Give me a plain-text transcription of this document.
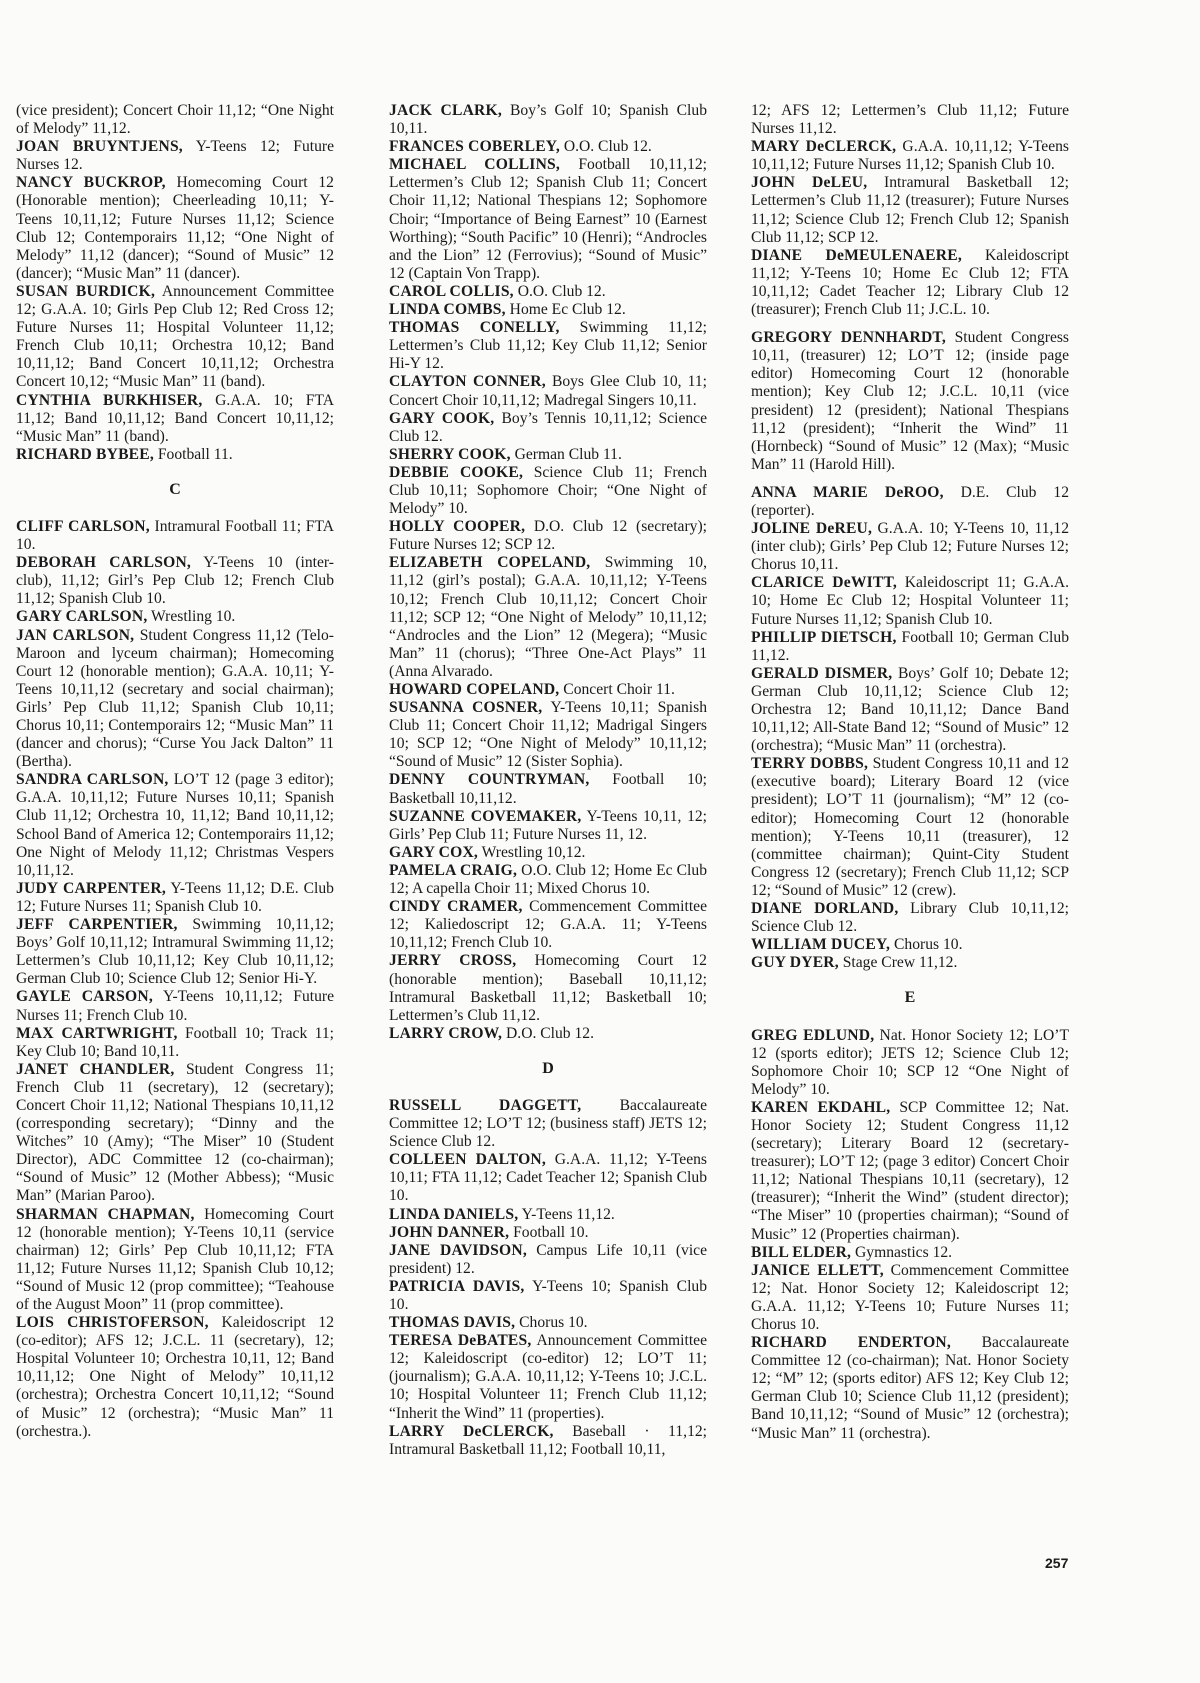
(vice president); Concert Choir 11,12; “One Night of Melody” 11,12.

JOAN BRUYNTJENS, Y-Teens 12; Future Nurses 12.

NANCY BUCKROP, Homecoming Court 12 (Honorable mention); Cheerleading 10,11; Y-Teens 10,11,12; Future Nurses 11,12; Science Club 12; Contemporairs 11,12; “One Night of Melody” 11,12 (dancer); “Sound of Music” 12 (dancer); “Music Man” 11 (dancer).

SUSAN BURDICK, Announcement Committee 12; G.A.A. 10; Girls Pep Club 12; Red Cross 12; Future Nurses 11; Hospital Volunteer 11,12; French Club 10,11; Orchestra 10,12; Band 10,11,12; Band Concert 10,11,12; Orchestra Concert 10,12; “Music Man” 11 (band).

CYNTHIA BURKHISER, G.A.A. 10; FTA 11,12; Band 10,11,12; Band Concert 10,11,12; “Music Man” 11 (band).

RICHARD BYBEE, Football 11.

C

CLIFF CARLSON, Intramural Football 11; FTA 10.

DEBORAH CARLSON, Y-Teens 10 (inter-club), 11,12; Girl’s Pep Club 12; French Club 11,12; Spanish Club 10.

GARY CARLSON, Wrestling 10.

JAN CARLSON, Student Congress 11,12 (Telo-Maroon and lyceum chairman); Homecoming Court 12 (honorable mention); G.A.A. 10,11; Y-Teens 10,11,12 (secretary and social chairman); Girls’ Pep Club 11,12; Spanish Club 10,11; Chorus 10,11; Contemporairs 12; “Music Man” 11 (dancer and chorus); “Curse You Jack Dalton” 11 (Bertha).

SANDRA CARLSON, LO’T 12 (page 3 editor); G.A.A. 10,11,12; Future Nurses 10,11; Spanish Club 11,12; Orchestra 10, 11,12; Band 10,11,12; School Band of America 12; Contemporairs 11,12; One Night of Melody 11,12; Christmas Vespers 10,11,12.

JUDY CARPENTER, Y-Teens 11,12; D.E. Club 12; Future Nurses 11; Spanish Club 10.

JEFF CARPENTIER, Swimming 10,11,12; Boys’ Golf 10,11,12; Intramural Swimming 11,12; Lettermen’s Club 10,11,12; Key Club 10,11,12; German Club 10; Science Club 12; Senior Hi-Y.

GAYLE CARSON, Y-Teens 10,11,12; Future Nurses 11; French Club 10.

MAX CARTWRIGHT, Football 10; Track 11; Key Club 10; Band 10,11.

JANET CHANDLER, Student Congress 11; French Club 11 (secretary), 12 (secretary); Concert Choir 11,12; National Thespians 10,11,12 (corresponding secretary); “Dinny and the Witches” 10 (Amy); “The Miser” 10 (Student Director), ADC Committee 12 (co-chairman); “Sound of Music” 12 (Mother Abbess); “Music Man” (Marian Paroo).

SHARMAN CHAPMAN, Homecoming Court 12 (honorable mention); Y-Teens 10,11 (service chairman) 12; Girls’ Pep Club 10,11,12; FTA 11,12; Future Nurses 11,12; Spanish Club 10,12; “Sound of Music 12 (prop committee); “Teahouse of the August Moon” 11 (prop committee).

LOIS CHRISTOFERSON, Kaleidoscript 12 (co-editor); AFS 12; J.C.L. 11 (secretary), 12; Hospital Volunteer 10; Orchestra 10,11, 12; Band 10,11,12; One Night of Melody” 10,11,12 (orchestra); Orchestra Concert 10,11,12; “Sound of Music” 12 (orchestra); “Music Man” 11 (orchestra.).

JACK CLARK, Boy’s Golf 10; Spanish Club 10,11.

FRANCES COBERLEY, O.O. Club 12.

MICHAEL COLLINS, Football 10,11,12; Lettermen’s Club 12; Spanish Club 11; Concert Choir 11,12; National Thespians 12; Sophomore Choir; “Importance of Being Earnest” 10 (Earnest Worthing); “South Pacific” 10 (Henri); “Androcles and the Lion” 12 (Ferrovius); “Sound of Music” 12 (Captain Von Trapp).

CAROL COLLIS, O.O. Club 12.

LINDA COMBS, Home Ec Club 12.

THOMAS CONELLY, Swimming 11,12; Lettermen’s Club 11,12; Key Club 11,12; Senior Hi-Y 12.

CLAYTON CONNER, Boys Glee Club 10, 11; Concert Choir 10,11,12; Madregal Singers 10,11.

GARY COOK, Boy’s Tennis 10,11,12; Science Club 12.

SHERRY COOK, German Club 11.

DEBBIE COOKE, Science Club 11; French Club 10,11; Sophomore Choir; “One Night of Melody” 10.

HOLLY COOPER, D.O. Club 12 (secretary); Future Nurses 12; SCP 12.

ELIZABETH COPELAND, Swimming 10, 11,12 (girl’s postal); G.A.A. 10,11,12; Y-Teens 10,12; French Club 10,11,12; Concert Choir 11,12; SCP 12; “One Night of Melody” 10,11,12; “Androcles and the Lion” 12 (Megera); “Music Man” 11 (chorus); “Three One-Act Plays” 11 (Anna Alvarado.

HOWARD COPELAND, Concert Choir 11.

SUSANNA COSNER, Y-Teens 10,11; Spanish Club 11; Concert Choir 11,12; Madrigal Singers 10; SCP 12; “One Night of Melody” 10,11,12; “Sound of Music” 12 (Sister Sophia).

DENNY COUNTRYMAN, Football 10; Basketball 10,11,12.

SUZANNE COVEMAKER, Y-Teens 10,11, 12; Girls’ Pep Club 11; Future Nurses 11, 12.

GARY COX, Wrestling 10,12.

PAMELA CRAIG, O.O. Club 12; Home Ec Club 12; A capella Choir 11; Mixed Chorus 10.

CINDY CRAMER, Commencement Committee 12; Kaliedoscript 12; G.A.A. 11; Y-Teens 10,11,12; French Club 10.

JERRY CROSS, Homecoming Court 12 (honorable mention); Baseball 10,11,12; Intramural Basketball 11,12; Basketball 10; Lettermen’s Club 11,12.

LARRY CROW, D.O. Club 12.

D

RUSSELL DAGGETT, Baccalaureate Committee 12; LO’T 12; (business staff) JETS 12; Science Club 12.

COLLEEN DALTON, G.A.A. 11,12; Y-Teens 10,11; FTA 11,12; Cadet Teacher 12; Spanish Club 10.

LINDA DANIELS, Y-Teens 11,12.

JOHN DANNER, Football 10.

JANE DAVIDSON, Campus Life 10,11 (vice president) 12.

PATRICIA DAVIS, Y-Teens 10; Spanish Club 10.

THOMAS DAVIS, Chorus 10.

TERESA DeBATES, Announcement Committee 12; Kaleidoscript (co-editor) 12; LO’T 11; (journalism); G.A.A. 10,11,12; Y-Teens 10; J.C.L. 10; Hospital Volunteer 11; French Club 11,12; “Inherit the Wind” 11 (properties).

LARRY DeCLERCK, Baseball · 11,12; Intramural Basketball 11,12; Football 10,11,

12; AFS 12; Lettermen’s Club 11,12; Future Nurses 11,12.

MARY DeCLERCK, G.A.A. 10,11,12; Y-Teens 10,11,12; Future Nurses 11,12; Spanish Club 10.

JOHN DeLEU, Intramural Basketball 12; Lettermen’s Club 11,12 (treasurer); Future Nurses 11,12; Science Club 12; French Club 12; Spanish Club 11,12; SCP 12.

DIANE DeMEULENAERE, Kaleidoscript 11,12; Y-Teens 10; Home Ec Club 12; FTA 10,11,12; Cadet Teacher 12; Library Club 12 (treasurer); French Club 11; J.C.L. 10.

GREGORY DENNHARDT, Student Congress 10,11, (treasurer) 12; LO’T 12; (inside page editor) Homecoming Court 12 (honorable mention); Key Club 12; J.C.L. 10,11 (vice president) 12 (president); National Thespians 11,12 (president); “Inherit the Wind” 11 (Hornbeck) “Sound of Music” 12 (Max); “Music Man” 11 (Harold Hill).

ANNA MARIE DeROO, D.E. Club 12 (reporter).

JOLINE DeREU, G.A.A. 10; Y-Teens 10, 11,12 (inter club); Girls’ Pep Club 12; Future Nurses 12; Chorus 10,11.

CLARICE DeWITT, Kaleidoscript 11; G.A.A. 10; Home Ec Club 12; Hospital Volunteer 11; Future Nurses 11,12; Spanish Club 10.

PHILLIP DIETSCH, Football 10; German Club 11,12.

GERALD DISMER, Boys’ Golf 10; Debate 12; German Club 10,11,12; Science Club 12; Orchestra 12; Band 10,11,12; Dance Band 10,11,12; All-State Band 12; “Sound of Music” 12 (orchestra); “Music Man” 11 (orchestra).

TERRY DOBBS, Student Congress 10,11 and 12 (executive board); Literary Board 12 (vice president); LO’T 11 (journalism); “M” 12 (co-editor); Homecoming Court 12 (honorable mention); Y-Teens 10,11 (treasurer), 12 (committee chairman); Quint-City Student Congress 12 (secretary); French Club 11,12; SCP 12; “Sound of Music” 12 (crew).

DIANE DORLAND, Library Club 10,11,12; Science Club 12.

WILLIAM DUCEY, Chorus 10.

GUY DYER, Stage Crew 11,12.

E

GREG EDLUND, Nat. Honor Society 12; LO’T 12 (sports editor); JETS 12; Science Club 12; Sophomore Choir 10; SCP 12 “One Night of Melody” 10.

KAREN EKDAHL, SCP Committee 12; Nat. Honor Society 12; Student Congress 11,12 (secretary); Literary Board 12 (secretary-treasurer); LO’T 12; (page 3 editor) Concert Choir 11,12; National Thespians 10,11 (secretary), 12 (treasurer); “Inherit the Wind” (student director); “The Miser” 10 (properties chairman); “Sound of Music” 12 (Properties chairman).

BILL ELDER, Gymnastics 12.

JANICE ELLETT, Commencement Committee 12; Nat. Honor Society 12; Kaleidoscript 12; G.A.A. 11,12; Y-Teens 10; Future Nurses 11; Chorus 10.

RICHARD ENDERTON, Baccalaureate Committee 12 (co-chairman); Nat. Honor Society 12; “M” 12; (sports editor) AFS 12; Key Club 12; German Club 10; Science Club 11,12 (president); Band 10,11,12; “Sound of Music” 12 (orchestra); “Music Man” 11 (orchestra).

257
